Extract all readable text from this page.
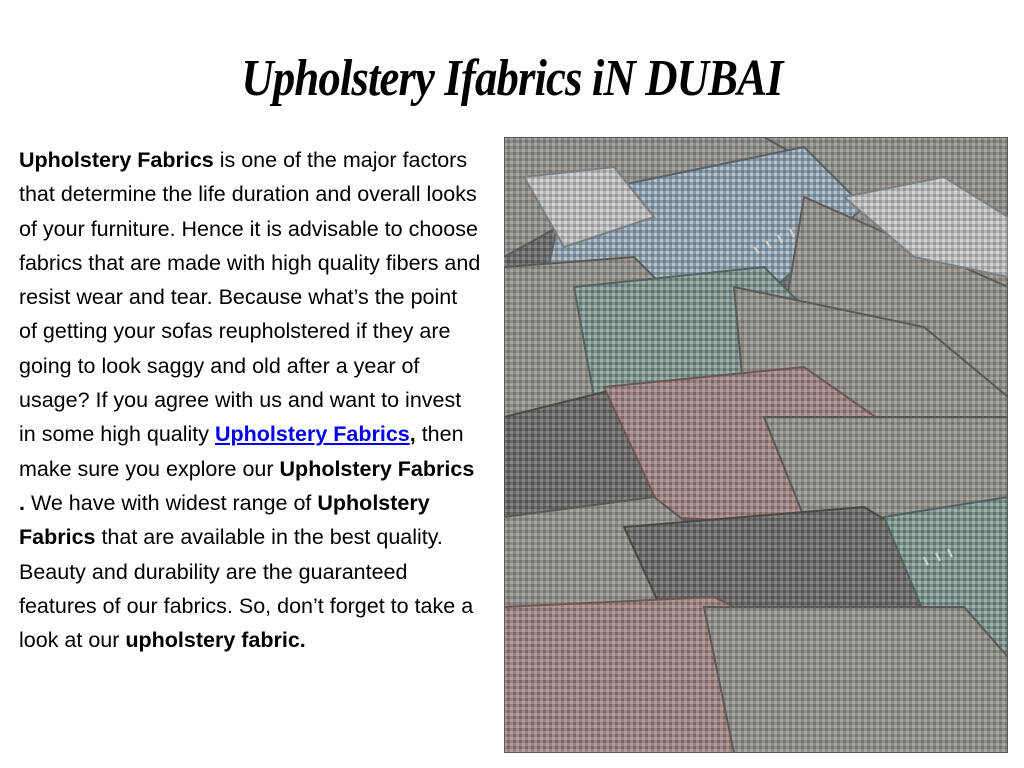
Upholstery Ifabrics iN DUBAI

Upholstery Fabrics is one of the major factors that determine the life duration and overall looks of your furniture. Hence it is advisable to choose fabrics that are made with high quality fibers and resist wear and tear. Because what’s the point of getting your sofas reupholstered if they are going to look saggy and old after a year of usage? If you agree with us and want to invest in some high quality Upholstery Fabrics, then make sure you explore our Upholstery Fabrics . We have with widest range of Upholstery Fabrics that are available in the best quality. Beauty and durability are the guaranteed features of our fabrics. So, don’t forget to take a look at our upholstery fabric.
